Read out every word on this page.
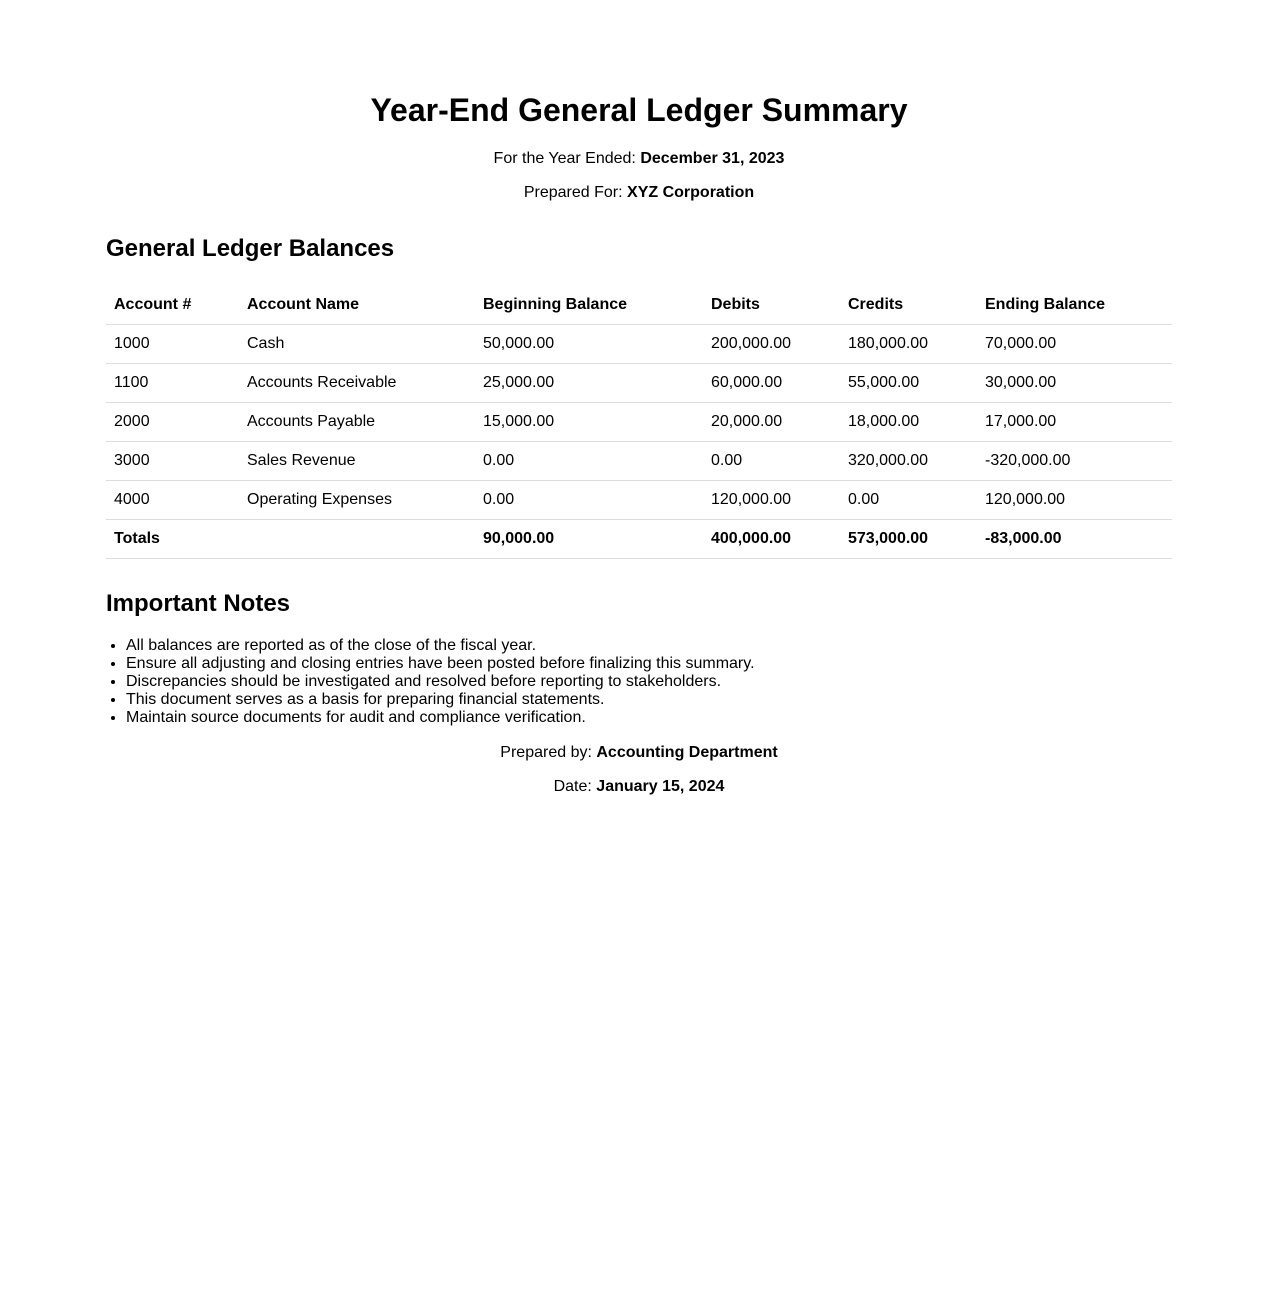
Year-End General Ledger Summary

For the Year Ended: December 31, 2023

Prepared For: XYZ Corporation

General Ledger Balances
Account #	Account Name	Beginning Balance	Debits	Credits	Ending Balance
1000	Cash	50,000.00	200,000.00	180,000.00	70,000.00
1100	Accounts Receivable	25,000.00	60,000.00	55,000.00	30,000.00
2000	Accounts Payable	15,000.00	20,000.00	18,000.00	17,000.00
3000	Sales Revenue	0.00	0.00	320,000.00	-320,000.00
4000	Operating Expenses	0.00	120,000.00	0.00	120,000.00
Totals		90,000.00	400,000.00	573,000.00	-83,000.00
Important Notes
• All balances are reported as of the close of the fiscal year.
• Ensure all adjusting and closing entries have been posted before finalizing this summary.
• Discrepancies should be investigated and resolved before reporting to stakeholders.
• This document serves as a basis for preparing financial statements.
• Maintain source documents for audit and compliance verification.

Prepared by: Accounting Department

Date: January 15, 2024
